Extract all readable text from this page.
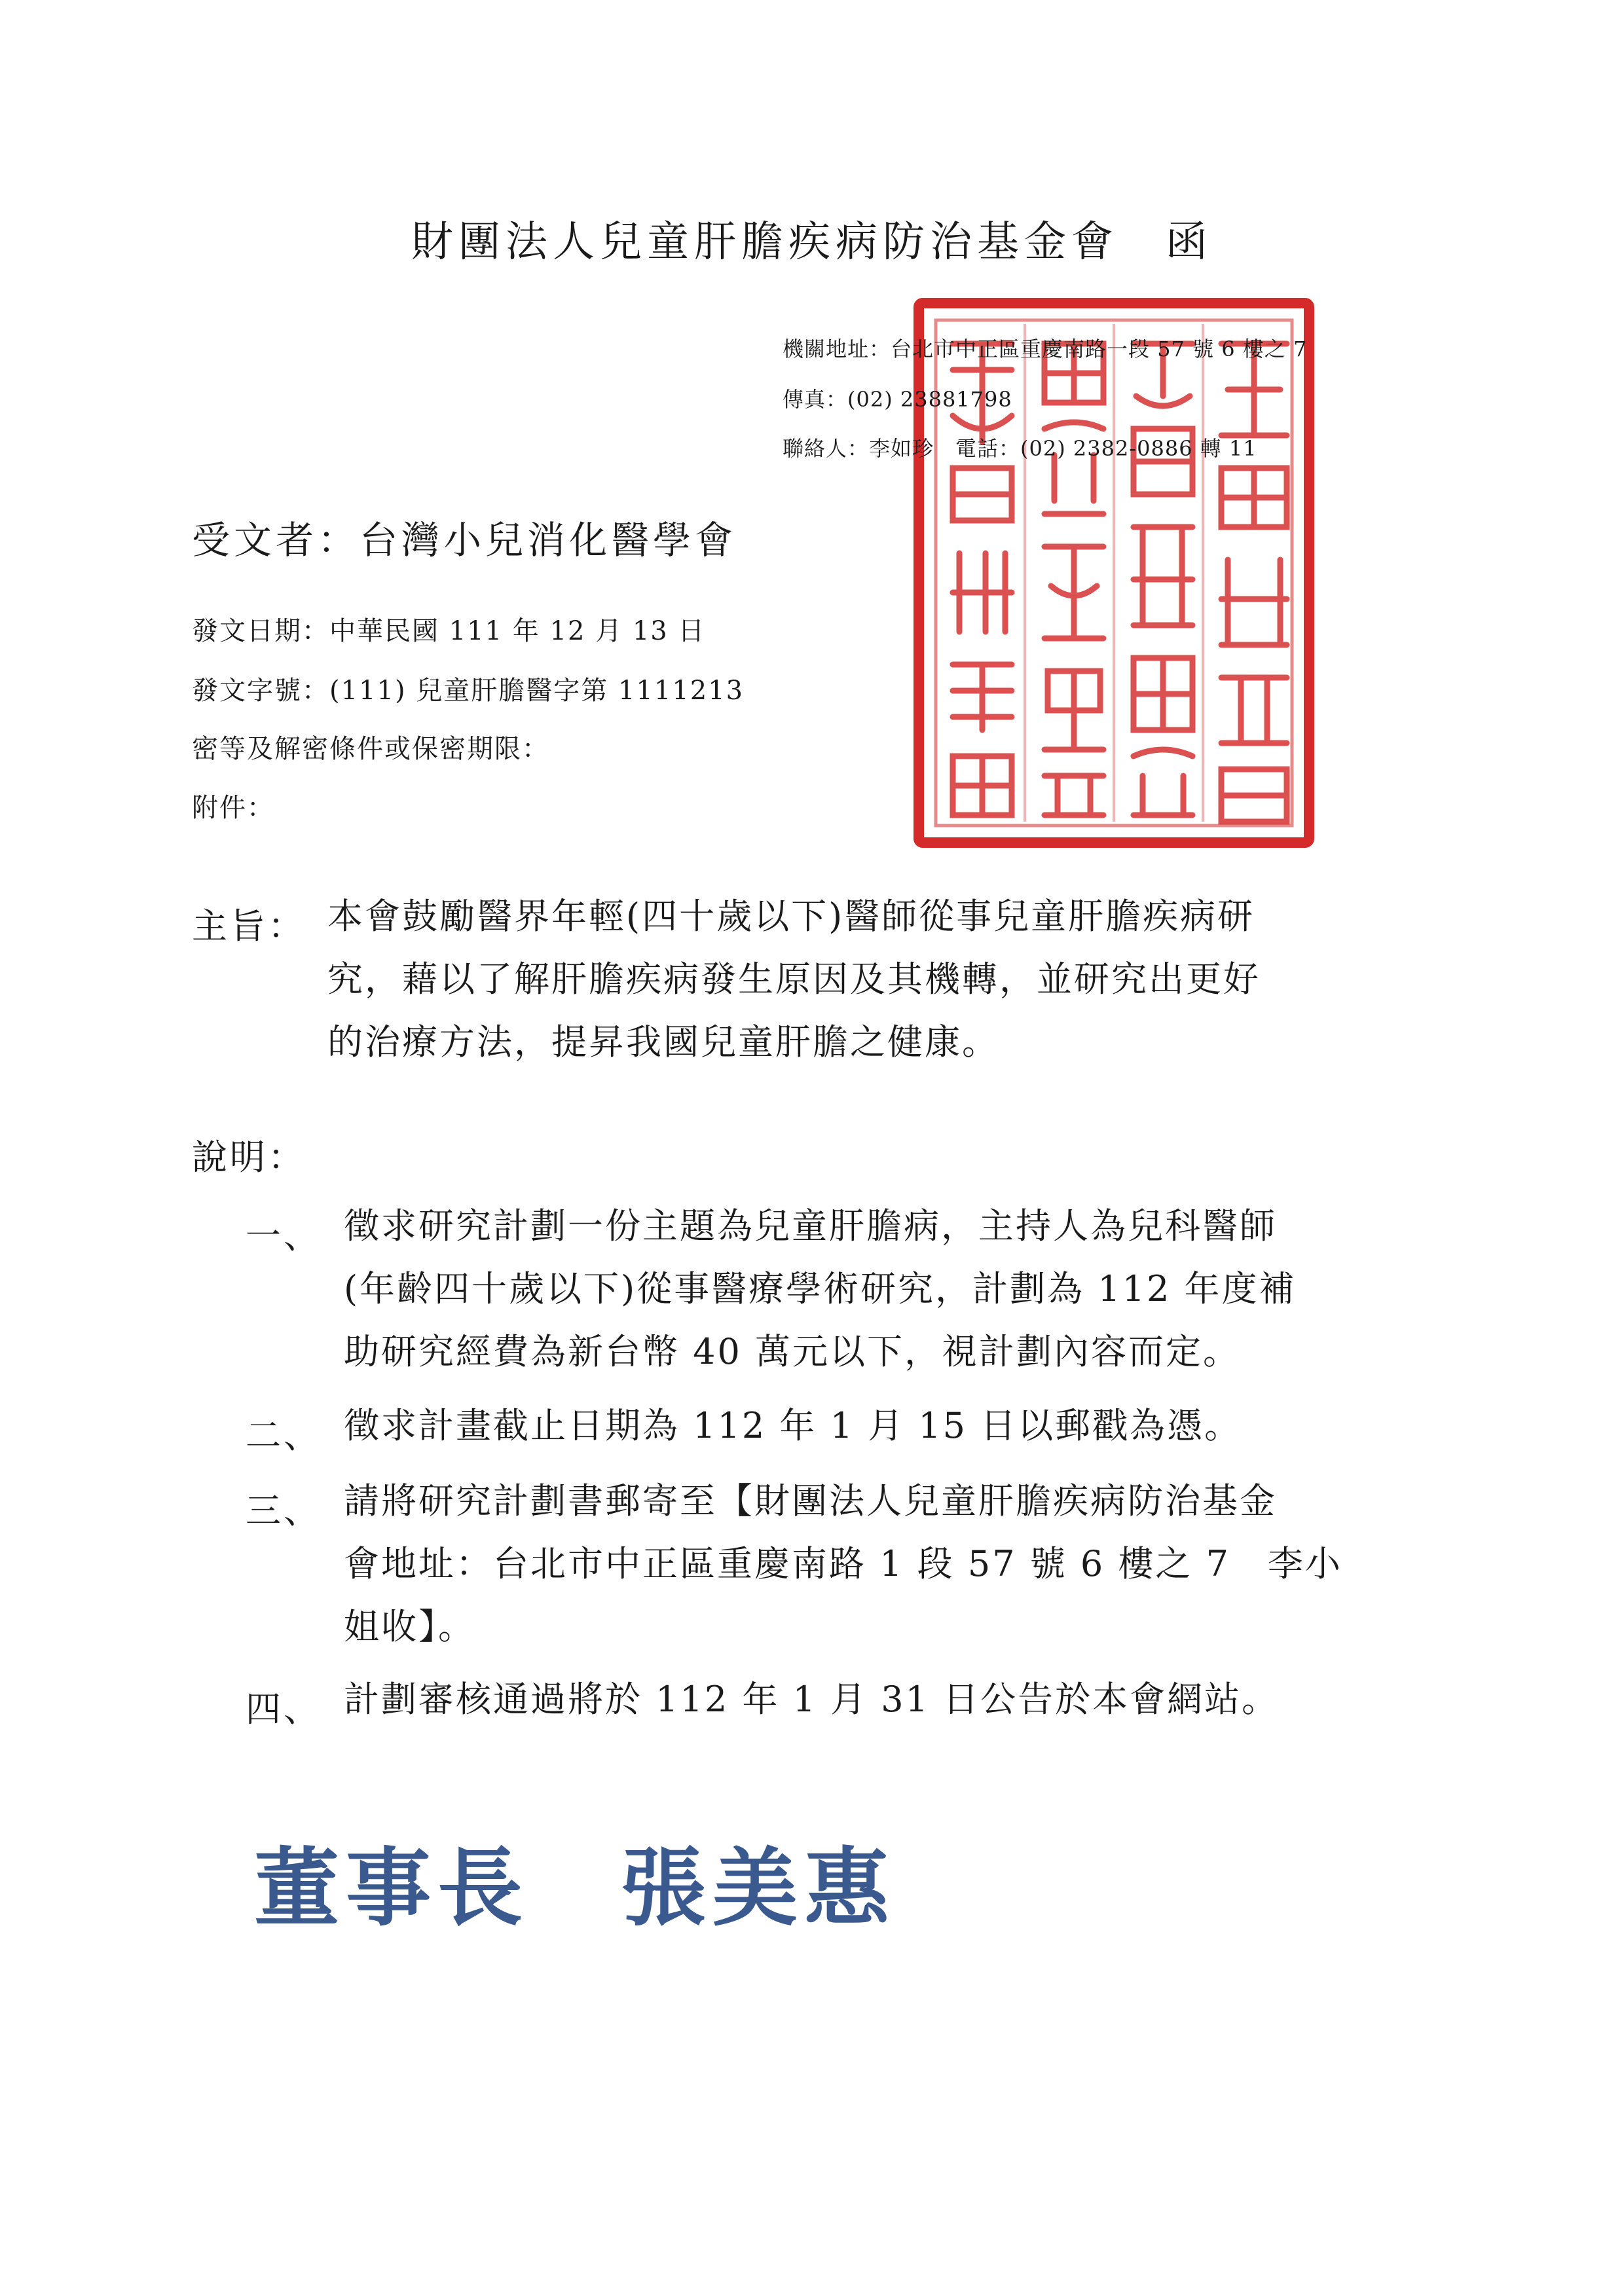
財團法人兒童肝膽疾病防治基金會　函
機關地址：台北市中正區重慶南路一段 57 號 6 樓之 7
傳真：(02) 23881798
聯絡人：李如珍　電話：(02) 2382-0886 轉 11
受文者：台灣小兒消化醫學會
發文日期：中華民國 111 年 12 月 13 日
發文字號：(111) 兒童肝膽醫字第 1111213
密等及解密條件或保密期限：
附件：
主旨： 本會鼓勵醫界年輕(四十歲以下)醫師從事兒童肝膽疾病研
究，藉以了解肝膽疾病發生原因及其機轉，並研究出更好
的治療方法，提昇我國兒童肝膽之健康。
說明：
一、 徵求研究計劃一份主題為兒童肝膽病，主持人為兒科醫師
(年齡四十歲以下)從事醫療學術研究，計劃為 112 年度補
助研究經費為新台幣 40 萬元以下，視計劃內容而定。
二、 徵求計畫截止日期為 112 年 1 月 15 日以郵戳為憑。
三、 請將研究計劃書郵寄至【財團法人兒童肝膽疾病防治基金
會地址：台北市中正區重慶南路 1 段 57 號 6 樓之 7　李小
姐收】。
四、 計劃審核通過將於 112 年 1 月 31 日公告於本會網站。
董事長　張美惠
